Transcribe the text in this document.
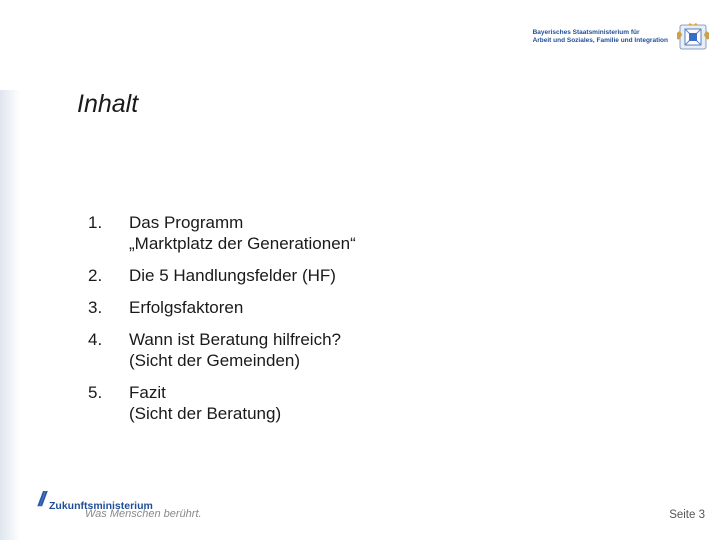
Bayerisches Staatsministerium für
Arbeit und Soziales, Familie und Integration
Inhalt
1.	Das Programm
„Marktplatz der Generationen“
2.	Die 5 Handlungsfelder (HF)
3.	Erfolgsfaktoren
4.	Wann ist Beratung hilfreich?
(Sicht der Gemeinden)
5.	Fazit
(Sicht der Beratung)
// Zukunftsministerium
Was Menschen berührt.	Seite 3
